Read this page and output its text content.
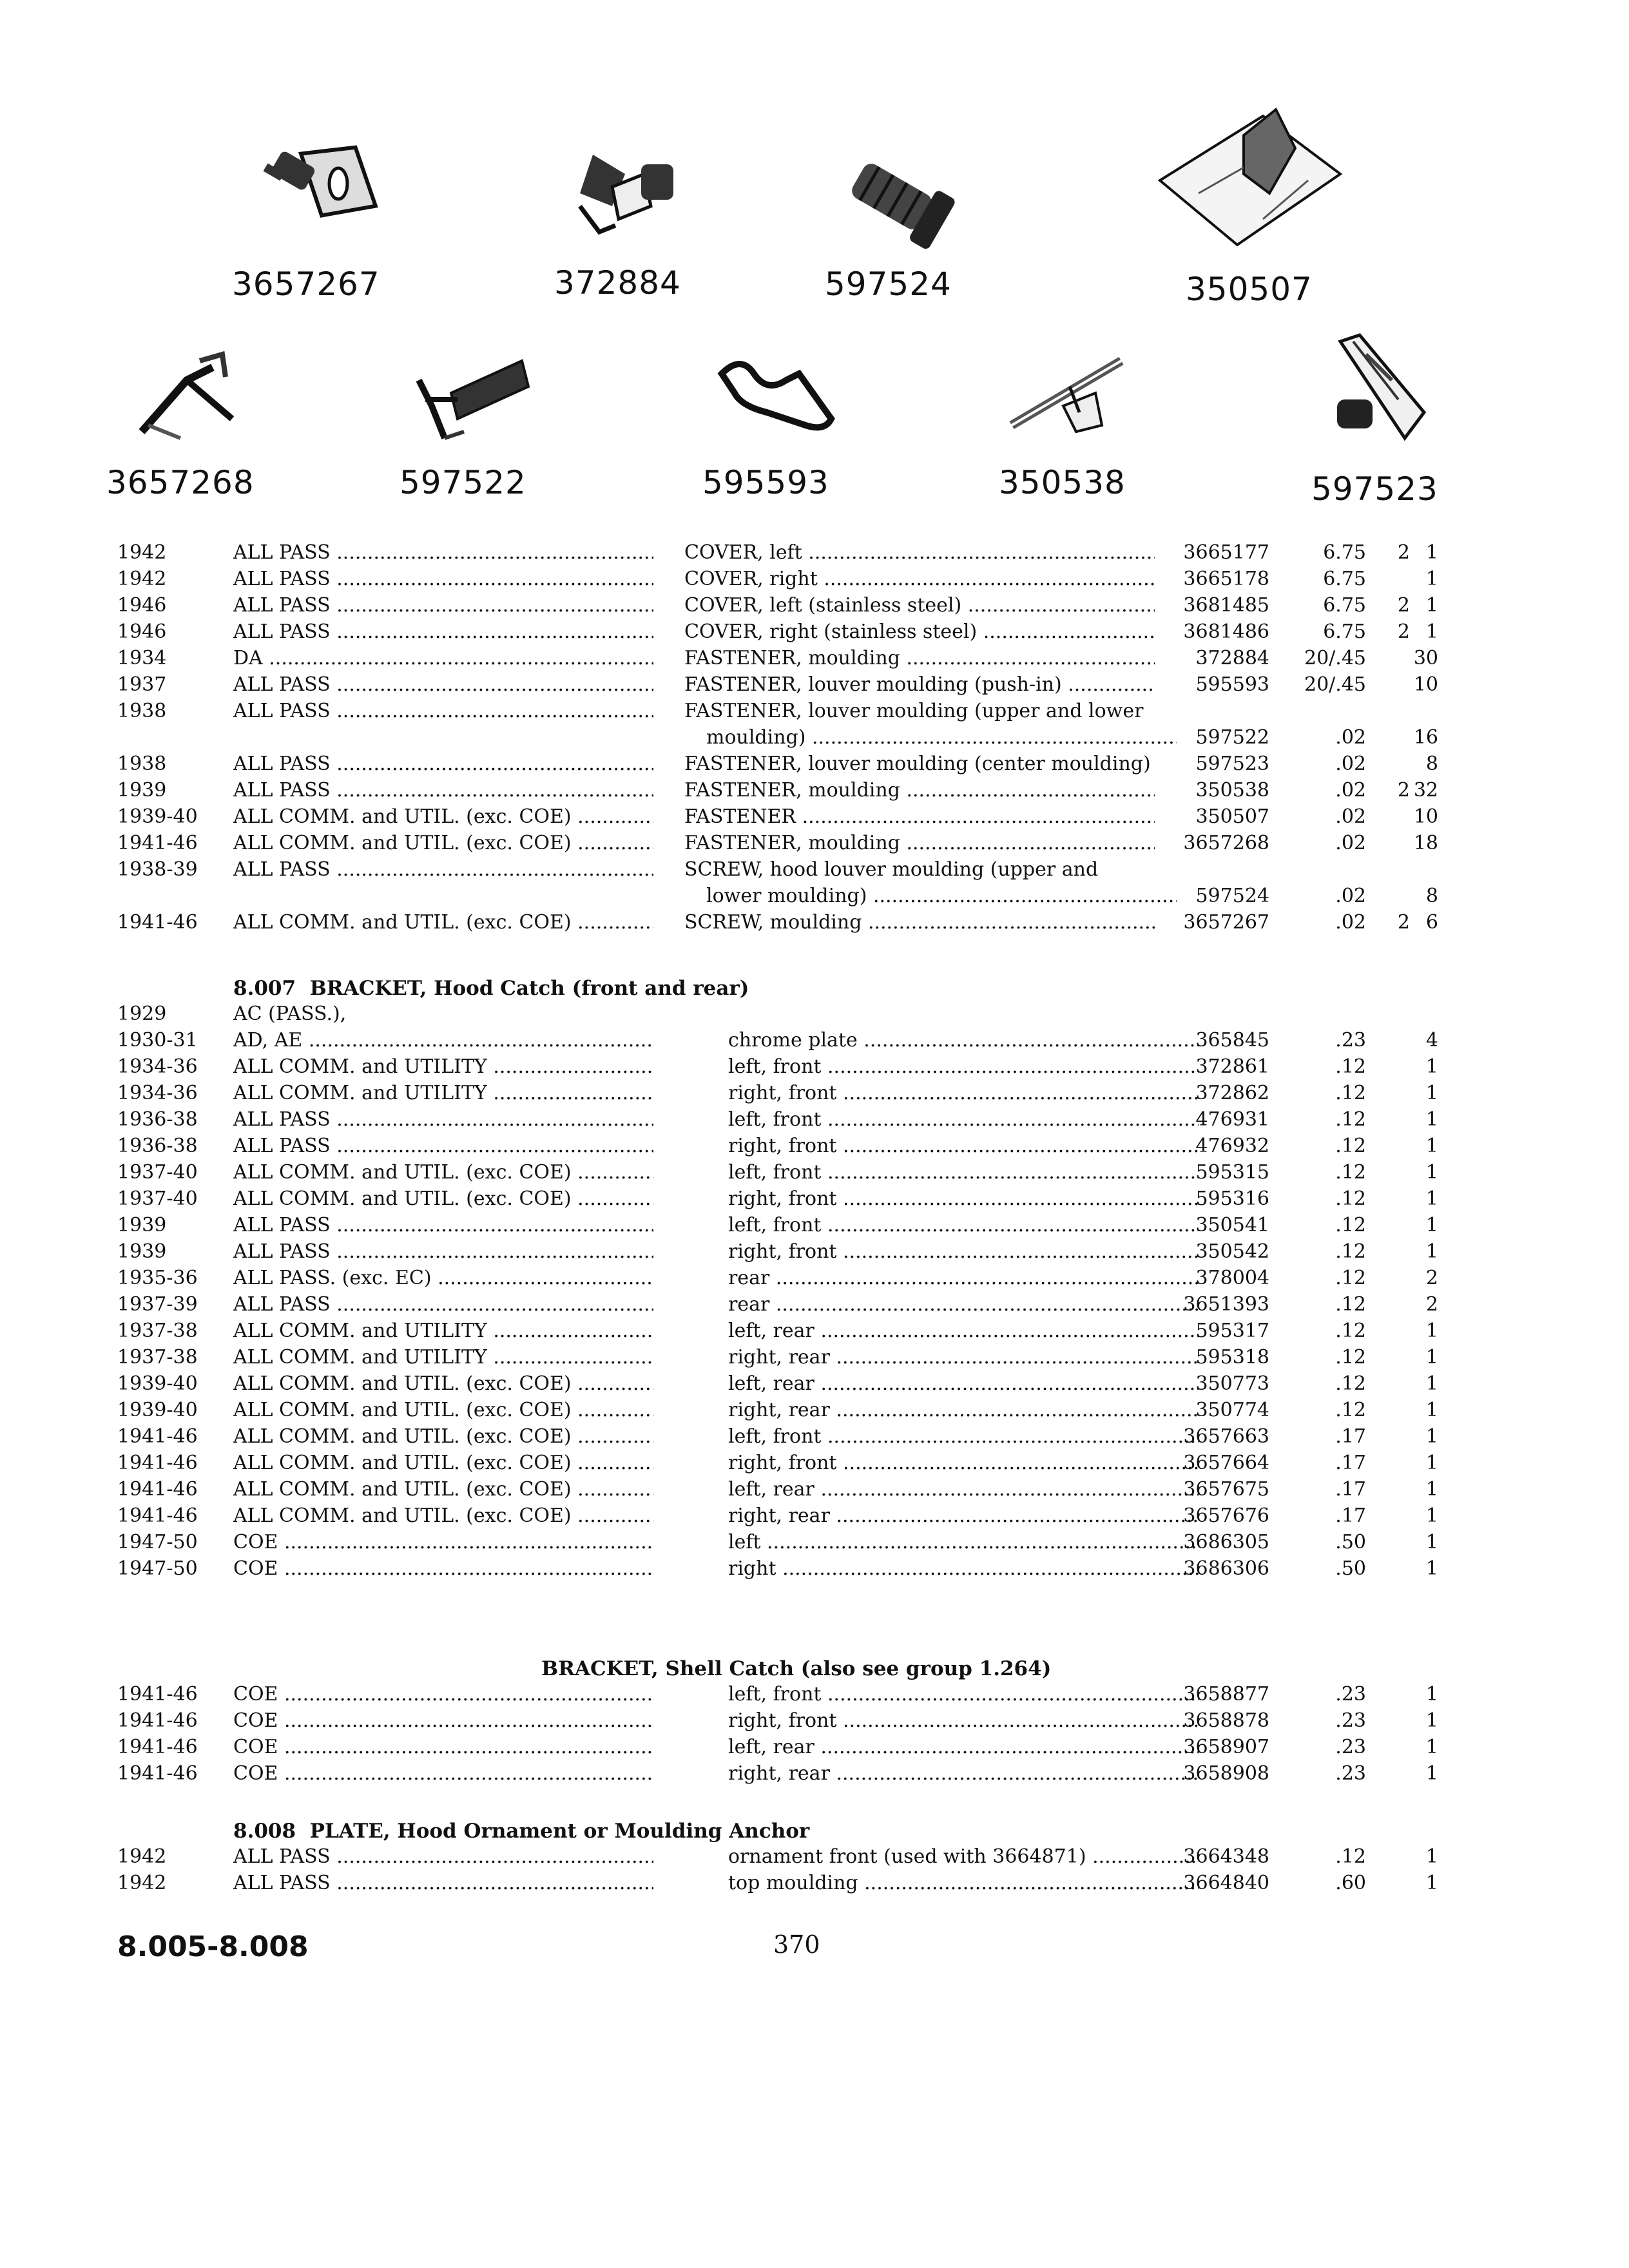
3657267	372884	597524	350507
3657268	597522	595593	350538	597523
1942	ALL PASS .....	COVER, left .....	3665177	6.75	2 1
1942	ALL PASS .....	COVER, right .....	3665178	6.75	1
1946	ALL PASS .....	COVER, left (stainless steel) .....	3681485	6.75	2 1
1946	ALL PASS .....	COVER, right (stainless steel) .....	3681486	6.75	2 1
1934	DA .....	FASTENER, moulding .....	372884	20/.45 30
1937	ALL PASS .....	FASTENER, louver moulding (push-in) .....	595593	20/.45 10
1938	ALL PASS .....	FASTENER, louver moulding (upper and lower
moulding) .....	597522	.02 16
1938	ALL PASS .....	FASTENER, louver moulding (center moulding) .....	597523	.02	8
1939	ALL PASS .....	FASTENER, moulding .....	350538	.02	2 32
1939-40	ALL COMM. and UTIL. (exc. COE) .....	FASTENER .....	350507	.02 10
1941-46	ALL COMM. and UTIL. (exc. COE) .....	FASTENER, moulding .....	3657268	.02 18
1938-39	ALL PASS .....	SCREW, hood louver moulding (upper and
lower moulding) .....	597524	.02	8
1941-46	ALL COMM. and UTIL. (exc. COE) .....	SCREW, moulding .....	3657267	.02	2 6
8.007 BRACKET, Hood Catch (front and rear)
1929	AC (PASS.),
1930-31	AD, AE .....	chrome plate .....	365845	.23	4
1934-36	ALL COMM. and UTILITY .....	left, front .....	372861	.12	1
1934-36	ALL COMM. and UTILITY .....	right, front .....	372862	.12	1
1936-38	ALL PASS .....	left, front .....	476931	.12	1
1936-38	ALL PASS .....	right, front .....	476932	.12	1
1937-40	ALL COMM. and UTIL. (exc. COE) .....	left, front .....	595315	.12	1
1937-40	ALL COMM. and UTIL. (exc. COE) .....	right, front .....	595316	.12	1
1939	ALL PASS .....	left, front .....	350541	.12	1
1939	ALL PASS .....	right, front .....	350542	.12	1
1935-36	ALL PASS. (exc. EC) .....	rear .....	378004	.12	2
1937-39	ALL PASS .....	rear .....	3651393	.12	2
1937-38	ALL COMM. and UTILITY .....	left, rear .....	595317	.12	1
1937-38	ALL COMM. and UTILITY .....	right, rear .....	595318	.12	1
1939-40	ALL COMM. and UTIL. (exc. COE) .....	left, rear .....	350773	.12	1
1939-40	ALL COMM. and UTIL. (exc. COE) .....	right, rear .....	350774	.12	1
1941-46	ALL COMM. and UTIL. (exc. COE) .....	left, front .....	3657663	.17	1
1941-46	ALL COMM. and UTIL. (exc. COE) .....	right, front .....	3657664	.17	1
1941-46	ALL COMM. and UTIL. (exc. COE) .....	left, rear .....	3657675	.17	1
1941-46	ALL COMM. and UTIL. (exc. COE) .....	right, rear .....	3657676	.17	1
1947-50	COE .....	left .....	3686305	.50	1
1947-50	COE .....	right .....	3686306	.50	1
BRACKET, Shell Catch (also see group 1.264)
1941-46	COE .....	left, front .....	3658877	.23	1
1941-46	COE .....	right, front .....	3658878	.23	1
1941-46	COE .....	left, rear .....	3658907	.23	1
1941-46	COE .....	right, rear .....	3658908	.23	1
8.008 PLATE, Hood Ornament or Moulding Anchor
1942	ALL PASS .....	ornament front (used with 3664871) .....	3664348	.12	1
1942	ALL PASS .....	top moulding .....	3664840	.60	1
8.005-8.008	370
